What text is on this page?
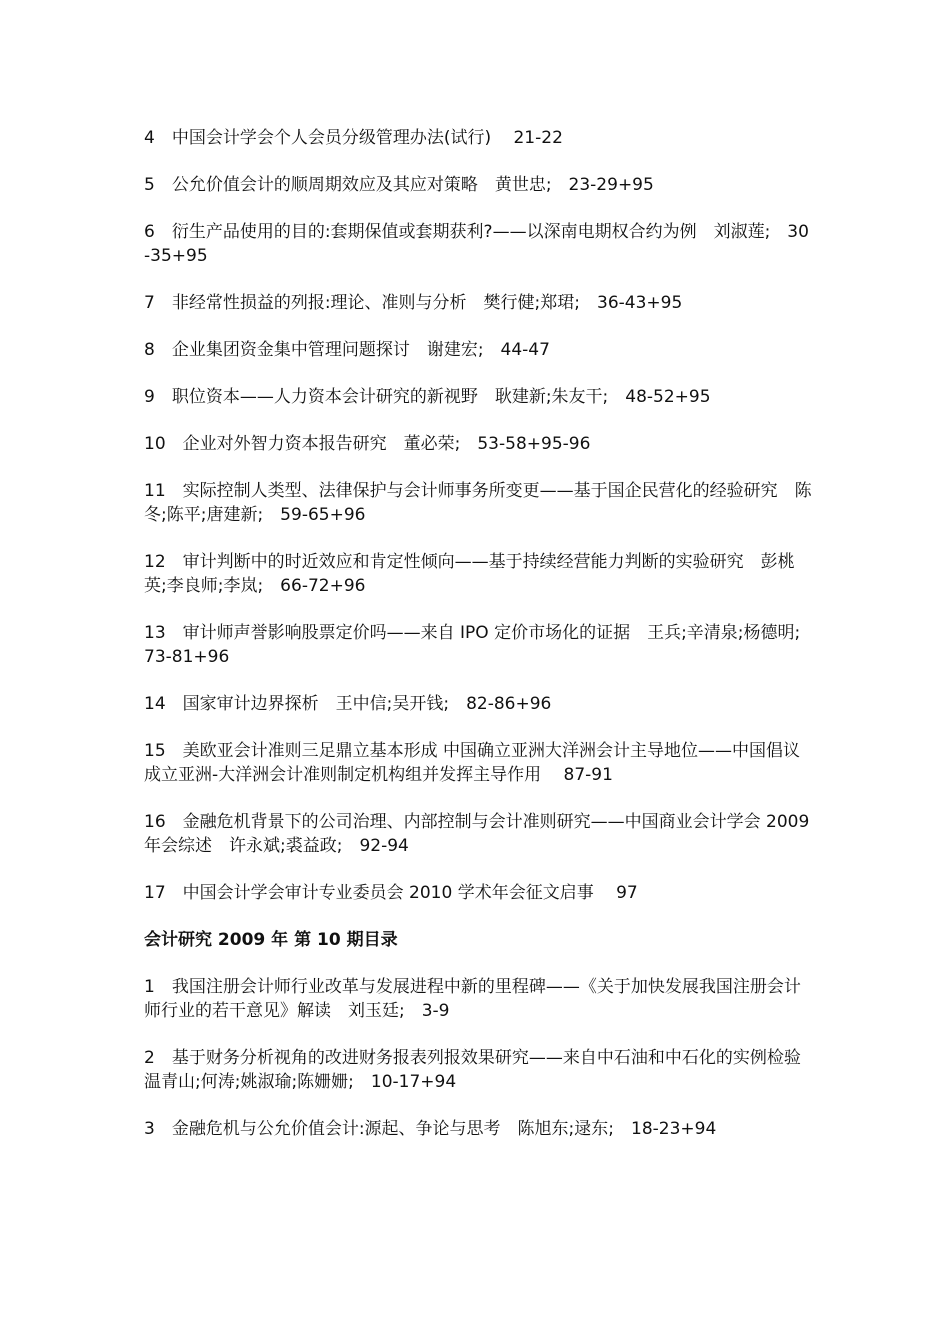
4　中国会计学会个人会员分级管理办法(试行)　 21-22

5　公允价值会计的顺周期效应及其应对策略　黄世忠;　23-29+95

6　衍生产品使用的目的:套期保值或套期获利?——以深南电期权合约为例　刘淑莲;　30-35+95

7　非经常性损益的列报:理论、准则与分析　樊行健;郑珺;　36-43+95

8　企业集团资金集中管理问题探讨　谢建宏;　44-47

9　职位资本——人力资本会计研究的新视野　耿建新;朱友干;　48-52+95

10　企业对外智力资本报告研究　董必荣;　53-58+95-96

11　实际控制人类型、法律保护与会计师事务所变更——基于国企民营化的经验研究　陈冬;陈平;唐建新;　59-65+96

12　审计判断中的时近效应和肯定性倾向——基于持续经营能力判断的实验研究　彭桃英;李良师;李岚;　66-72+96

13　审计师声誉影响股票定价吗——来自 IPO 定价市场化的证据　王兵;辛清泉;杨德明;　73-81+96

14　国家审计边界探析　王中信;吴开钱;　82-86+96

15　美欧亚会计准则三足鼎立基本形成 中国确立亚洲大洋洲会计主导地位——中国倡议成立亚洲-大洋洲会计准则制定机构组并发挥主导作用　 87-91

16　金融危机背景下的公司治理、内部控制与会计准则研究——中国商业会计学会 2009 年会综述　许永斌;裘益政;　92-94

17　中国会计学会审计专业委员会 2010 学术年会征文启事　 97

会计研究 2009 年 第 10 期目录

1　我国注册会计师行业改革与发展进程中新的里程碑——《关于加快发展我国注册会计师行业的若干意见》解读　刘玉廷;　3-9

2　基于财务分析视角的改进财务报表列报效果研究——来自中石油和中石化的实例检验　温青山;何涛;姚淑瑜;陈姗姗;　10-17+94

3　金融危机与公允价值会计:源起、争论与思考　陈旭东;逯东;　18-23+94
